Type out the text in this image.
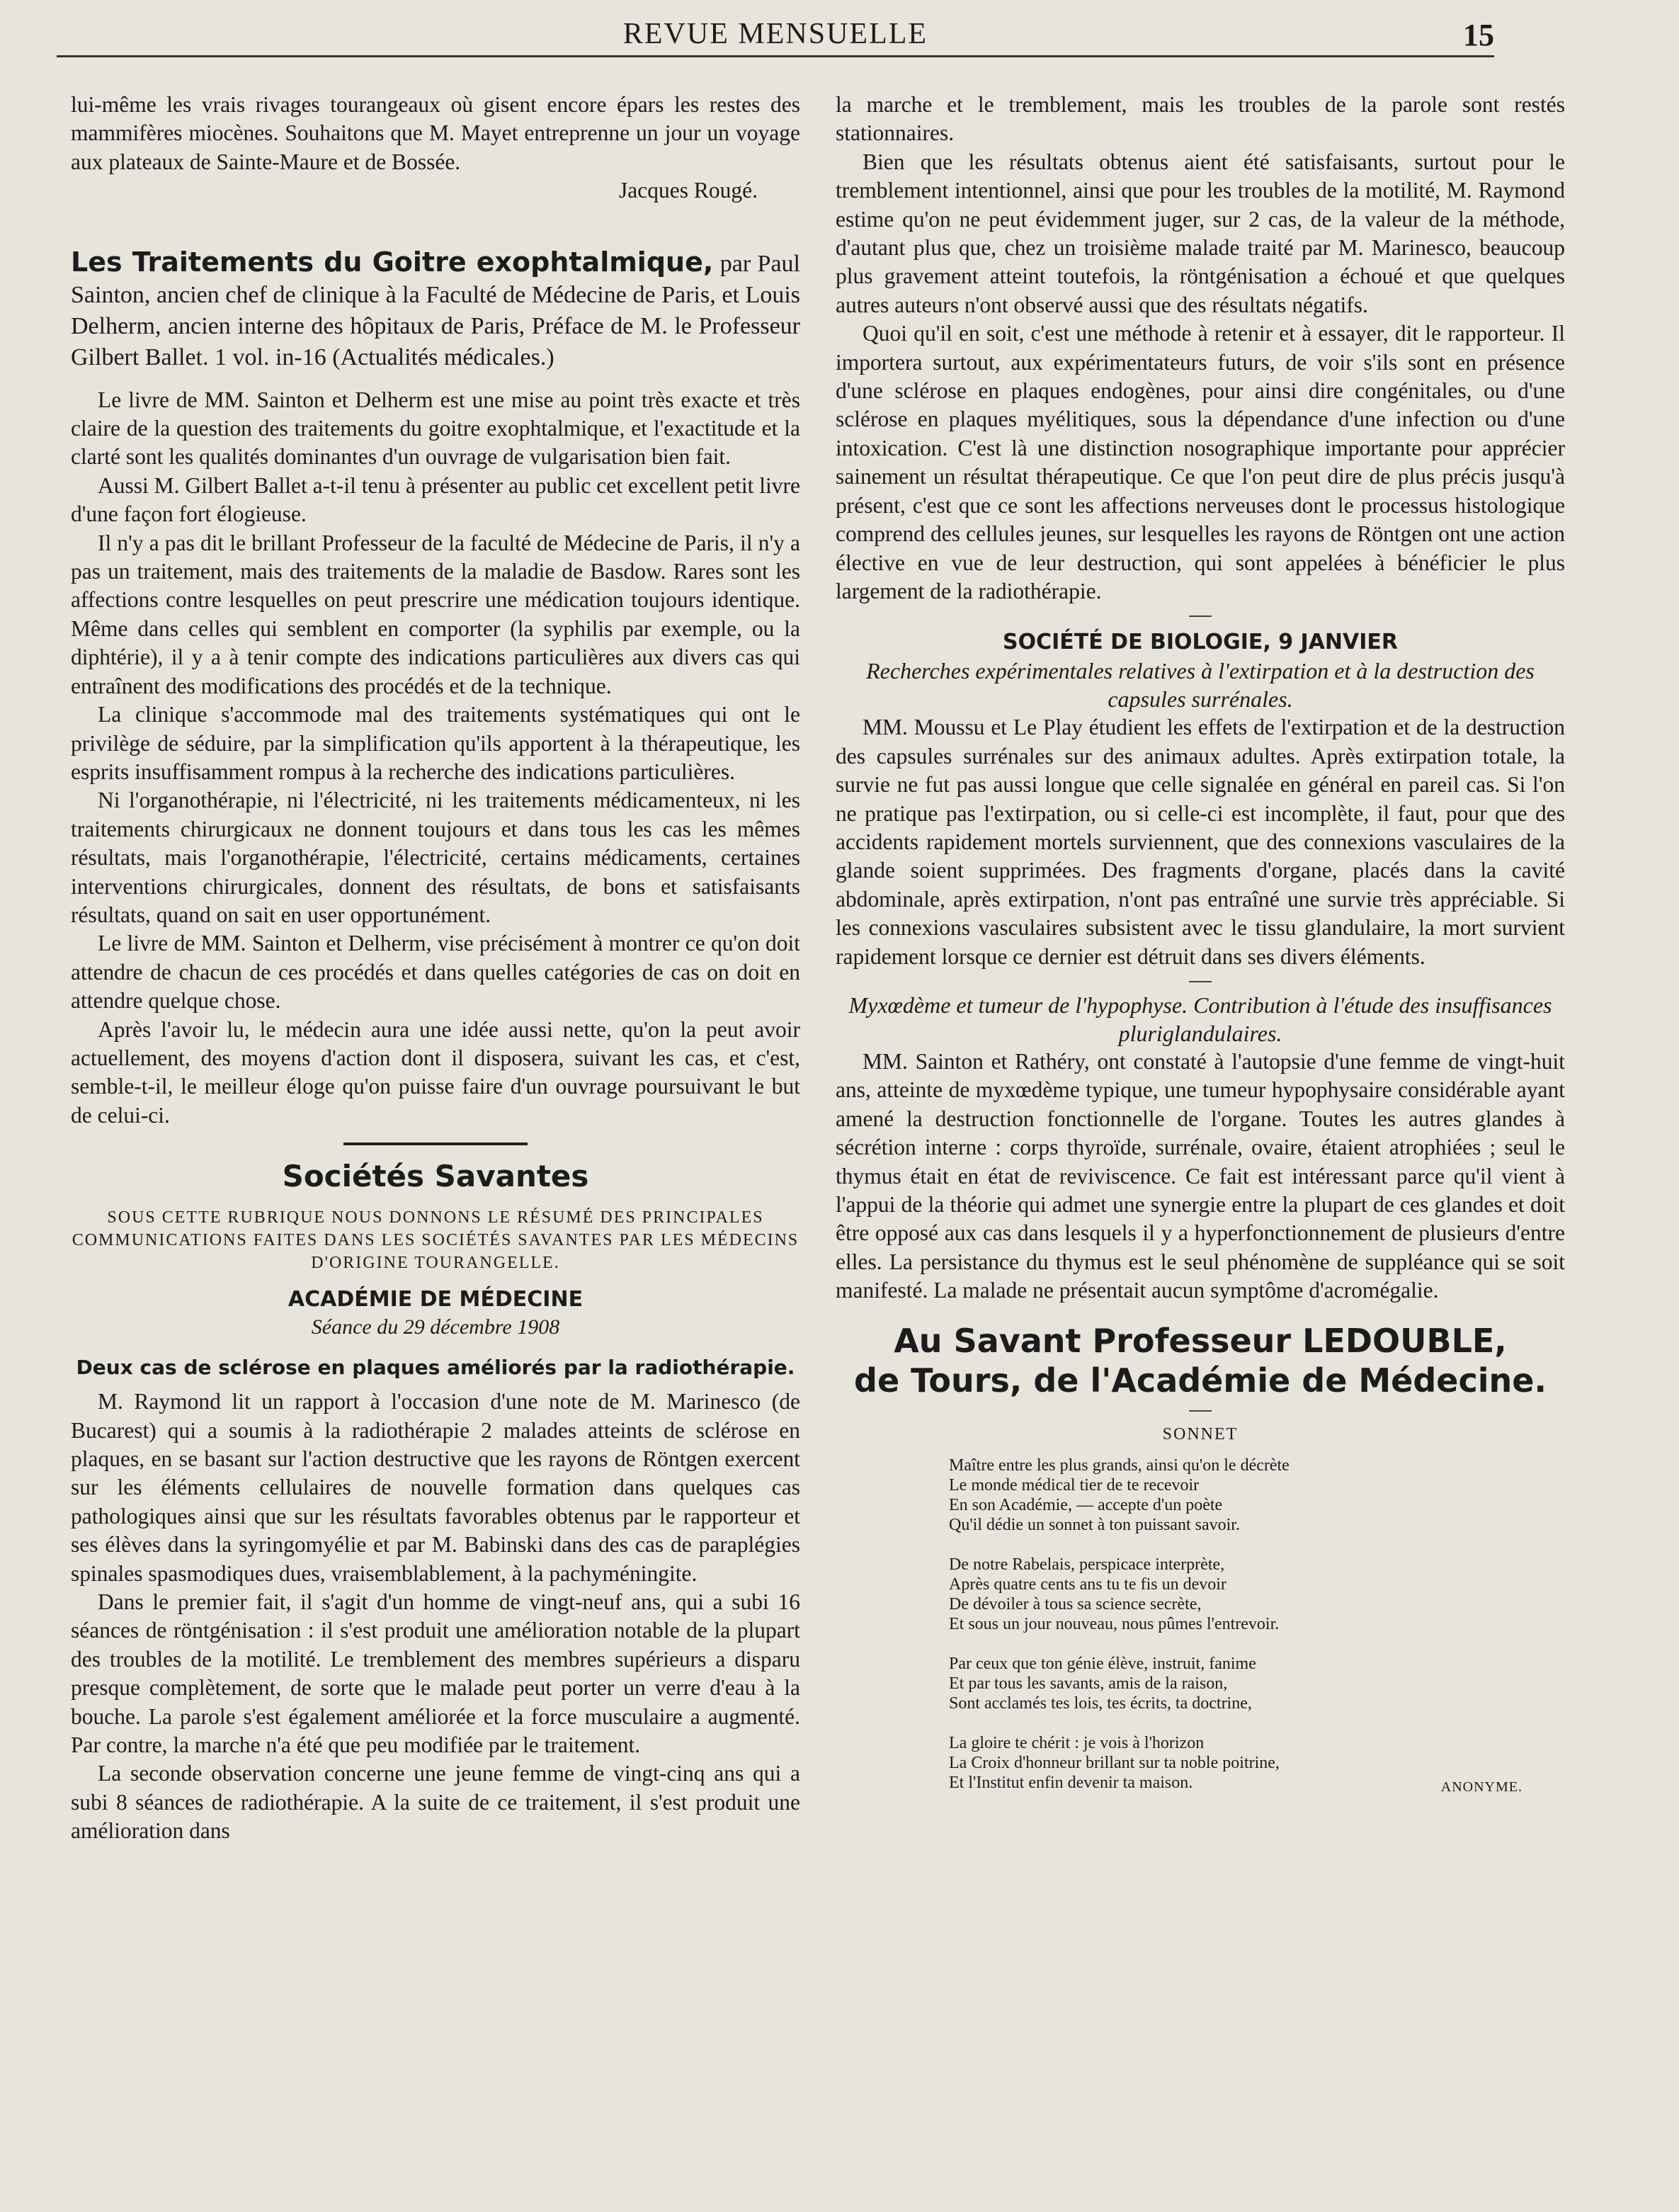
REVUE MENSUELLE	15

lui-même les vrais rivages tourangeaux où gisent encore épars les restes des mammifères miocènes. Souhaitons que M. Mayet entreprenne un jour un voyage aux plateaux de Sainte-Maure et de Bossée.

Jacques Rougé.
Les Traitements du Goitre exophtalmique, par Paul Sainton, ancien chef de clinique à la Faculté de Médecine de Paris, et Louis Delherm, ancien interne des hôpitaux de Paris, Préface de M. le Professeur Gilbert Ballet. 1 vol. in-16 (Actualités médicales.)

Le livre de MM. Sainton et Delherm est une mise au point très exacte et très claire de la question des traitements du goitre exophtalmique, et l'exactitude et la clarté sont les qualités dominantes d'un ouvrage de vulgarisation bien fait.

Aussi M. Gilbert Ballet a-t-il tenu à présenter au public cet excellent petit livre d'une façon fort élogieuse.

Il n'y a pas dit le brillant Professeur de la faculté de Médecine de Paris, il n'y a pas un traitement, mais des traitements de la maladie de Basdow. Rares sont les affections contre lesquelles on peut prescrire une médication toujours identique. Même dans celles qui semblent en comporter (la syphilis par exemple, ou la diphtérie), il y a à tenir compte des indications particulières aux divers cas qui entraînent des modifications des procédés et de la technique.

La clinique s'accommode mal des traitements systématiques qui ont le privilège de séduire, par la simplification qu'ils apportent à la thérapeutique, les esprits insuffisamment rompus à la recherche des indications particulières.

Ni l'organothérapie, ni l'électricité, ni les traitements médicamenteux, ni les traitements chirurgicaux ne donnent toujours et dans tous les cas les mêmes résultats, mais l'organothérapie, l'électricité, certains médicaments, certaines interventions chirurgicales, donnent des résultats, de bons et satisfaisants résultats, quand on sait en user opportunément.

Le livre de MM. Sainton et Delherm, vise précisément à montrer ce qu'on doit attendre de chacun de ces procédés et dans quelles catégories de cas on doit en attendre quelque chose.

Après l'avoir lu, le médecin aura une idée aussi nette, qu'on la peut avoir actuellement, des moyens d'action dont il disposera, suivant les cas, et c'est, semble-t-il, le meilleur éloge qu'on puisse faire d'un ouvrage poursuivant le but de celui-ci.

Sociétés Savantes
SOUS CETTE RUBRIQUE NOUS DONNONS LE RÉSUMÉ DES PRINCIPALES COMMUNICATIONS FAITES DANS LES SOCIÉTÉS SAVANTES PAR LES MÉDECINS D'ORIGINE TOURANGELLE.
ACADÉMIE DE MÉDECINE
Séance du 29 décembre 1908
Deux cas de sclérose en plaques améliorés par la radiothérapie.

M. Raymond lit un rapport à l'occasion d'une note de M. Marinesco (de Bucarest) qui a soumis à la radiothérapie 2 malades atteints de sclérose en plaques, en se basant sur l'action destructive que les rayons de Röntgen exercent sur les éléments cellulaires de nouvelle formation dans quelques cas pathologiques ainsi que sur les résultats favorables obtenus par le rapporteur et ses élèves dans la syringomyélie et par M. Babinski dans des cas de paraplégies spinales spasmodiques dues, vraisemblablement, à la pachyméningite.

Dans le premier fait, il s'agit d'un homme de vingt-neuf ans, qui a subi 16 séances de röntgénisation : il s'est produit une amélioration notable de la plupart des troubles de la motilité. Le tremblement des membres supérieurs a disparu presque complètement, de sorte que le malade peut porter un verre d'eau à la bouche. La parole s'est également améliorée et la force musculaire a augmenté. Par contre, la marche n'a été que peu modifiée par le traitement.

La seconde observation concerne une jeune femme de vingt-cinq ans qui a subi 8 séances de radiothérapie. A la suite de ce traitement, il s'est produit une amélioration dans

la marche et le tremblement, mais les troubles de la parole sont restés stationnaires.

Bien que les résultats obtenus aient été satisfaisants, surtout pour le tremblement intentionnel, ainsi que pour les troubles de la motilité, M. Raymond estime qu'on ne peut évidemment juger, sur 2 cas, de la valeur de la méthode, d'autant plus que, chez un troisième malade traité par M. Marinesco, beaucoup plus gravement atteint toutefois, la röntgénisation a échoué et que quelques autres auteurs n'ont observé aussi que des résultats négatifs.

Quoi qu'il en soit, c'est une méthode à retenir et à essayer, dit le rapporteur. Il importera surtout, aux expérimentateurs futurs, de voir s'ils sont en présence d'une sclérose en plaques endogènes, pour ainsi dire congénitales, ou d'une sclérose en plaques myélitiques, sous la dépendance d'une infection ou d'une intoxication. C'est là une distinction nosographique importante pour apprécier sainement un résultat thérapeutique. Ce que l'on peut dire de plus précis jusqu'à présent, c'est que ce sont les affections nerveuses dont le processus histologique comprend des cellules jeunes, sur lesquelles les rayons de Röntgen ont une action élective en vue de leur destruction, qui sont appelées à bénéficier le plus largement de la radiothérapie.

SOCIÉTÉ DE BIOLOGIE, 9 JANVIER
Recherches expérimentales relatives à l'extirpation et à la destruction des capsules surrénales.

MM. Moussu et Le Play étudient les effets de l'extirpation et de la destruction des capsules surrénales sur des animaux adultes. Après extirpation totale, la survie ne fut pas aussi longue que celle signalée en général en pareil cas. Si l'on ne pratique pas l'extirpation, ou si celle-ci est incomplète, il faut, pour que des accidents rapidement mortels surviennent, que des connexions vasculaires de la glande soient supprimées. Des fragments d'organe, placés dans la cavité abdominale, après extirpation, n'ont pas entraîné une survie très appréciable. Si les connexions vasculaires subsistent avec le tissu glandulaire, la mort survient rapidement lorsque ce dernier est détruit dans ses divers éléments.

Myxœdème et tumeur de l'hypophyse. Contribution à l'étude des insuffisances pluriglandulaires.

MM. Sainton et Rathéry, ont constaté à l'autopsie d'une femme de vingt-huit ans, atteinte de myxœdème typique, une tumeur hypophysaire considérable ayant amené la destruction fonctionnelle de l'organe. Toutes les autres glandes à sécrétion interne : corps thyroïde, surrénale, ovaire, étaient atrophiées ; seul le thymus était en état de reviviscence. Ce fait est intéressant parce qu'il vient à l'appui de la théorie qui admet une synergie entre la plupart de ces glandes et doit être opposé aux cas dans lesquels il y a hyperfonctionnement de plusieurs d'entre elles. La persistance du thymus est le seul phénomène de suppléance qui se soit manifesté. La malade ne présentait aucun symptôme d'acromégalie.

Au Savant Professeur LEDOUBLE,
de Tours, de l'Académie de Médecine.
SONNET
Maître entre les plus grands, ainsi qu'on le décrète
Le monde médical tier de te recevoir
En son Académie, — accepte d'un poète
Qu'il dédie un sonnet à ton puissant savoir.
De notre Rabelais, perspicace interprète,
Après quatre cents ans tu te fis un devoir
De dévoiler à tous sa science secrète,
Et sous un jour nouveau, nous pûmes l'entrevoir.
Par ceux que ton génie élève, instruit, fanime
Et par tous les savants, amis de la raison,
Sont acclamés tes lois, tes écrits, ta doctrine,
La gloire te chérit : je vois à l'horizon
La Croix d'honneur brillant sur ta noble poitrine,
Et l'Institut enfin devenir ta maison.	ANONYME.
